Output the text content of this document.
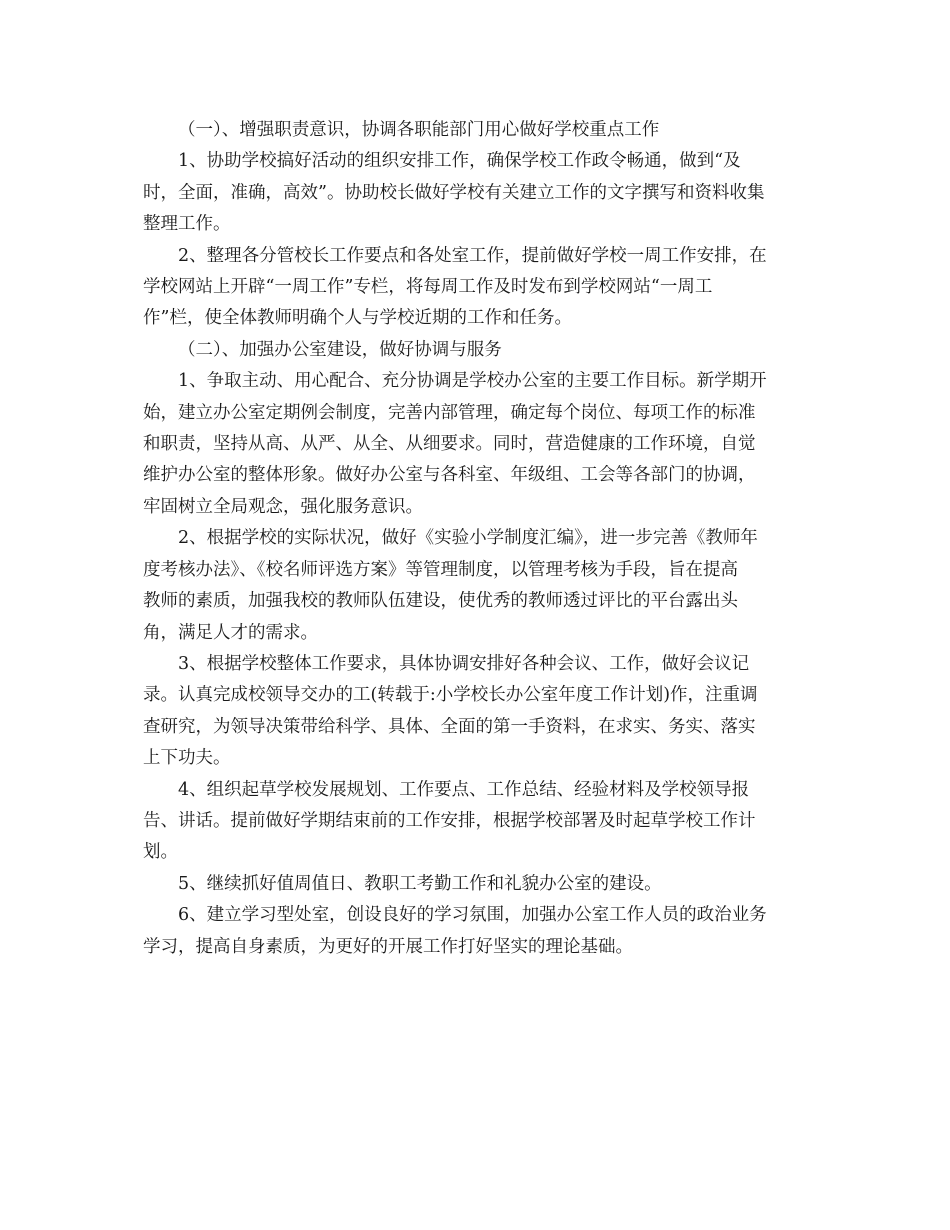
（一）、增强职责意识，协调各职能部门用心做好学校重点工作
1、协助学校搞好活动的组织安排工作，确保学校工作政令畅通，做到“及
时，全面，准确，高效”。协助校长做好学校有关建立工作的文字撰写和资料收集
整理工作。
2、整理各分管校长工作要点和各处室工作，提前做好学校一周工作安排，在
学校网站上开辟“一周工作”专栏，将每周工作及时发布到学校网站“一周工
作”栏，使全体教师明确个人与学校近期的工作和任务。
（二）、加强办公室建设，做好协调与服务
1、争取主动、用心配合、充分协调是学校办公室的主要工作目标。新学期开
始，建立办公室定期例会制度，完善内部管理，确定每个岗位、每项工作的标准
和职责，坚持从高、从严、从全、从细要求。同时，营造健康的工作环境，自觉
维护办公室的整体形象。做好办公室与各科室、年级组、工会等各部门的协调，
牢固树立全局观念，强化服务意识。
2、根据学校的实际状况，做好《实验小学制度汇编》，进一步完善《教师年
度考核办法》、《校名师评选方案》等管理制度，以管理考核为手段，旨在提高
教师的素质，加强我校的教师队伍建设，使优秀的教师透过评比的平台露出头
角，满足人才的需求。
3、根据学校整体工作要求，具体协调安排好各种会议、工作，做好会议记
录。认真完成校领导交办的工(转载于:小学校长办公室年度工作计划)作，注重调
查研究，为领导决策带给科学、具体、全面的第一手资料，在求实、务实、落实
上下功夫。
4、组织起草学校发展规划、工作要点、工作总结、经验材料及学校领导报
告、讲话。提前做好学期结束前的工作安排，根据学校部署及时起草学校工作计
划。
5、继续抓好值周值日、教职工考勤工作和礼貌办公室的建设。
6、建立学习型处室，创设良好的学习氛围，加强办公室工作人员的政治业务
学习，提高自身素质，为更好的开展工作打好坚实的理论基础。
